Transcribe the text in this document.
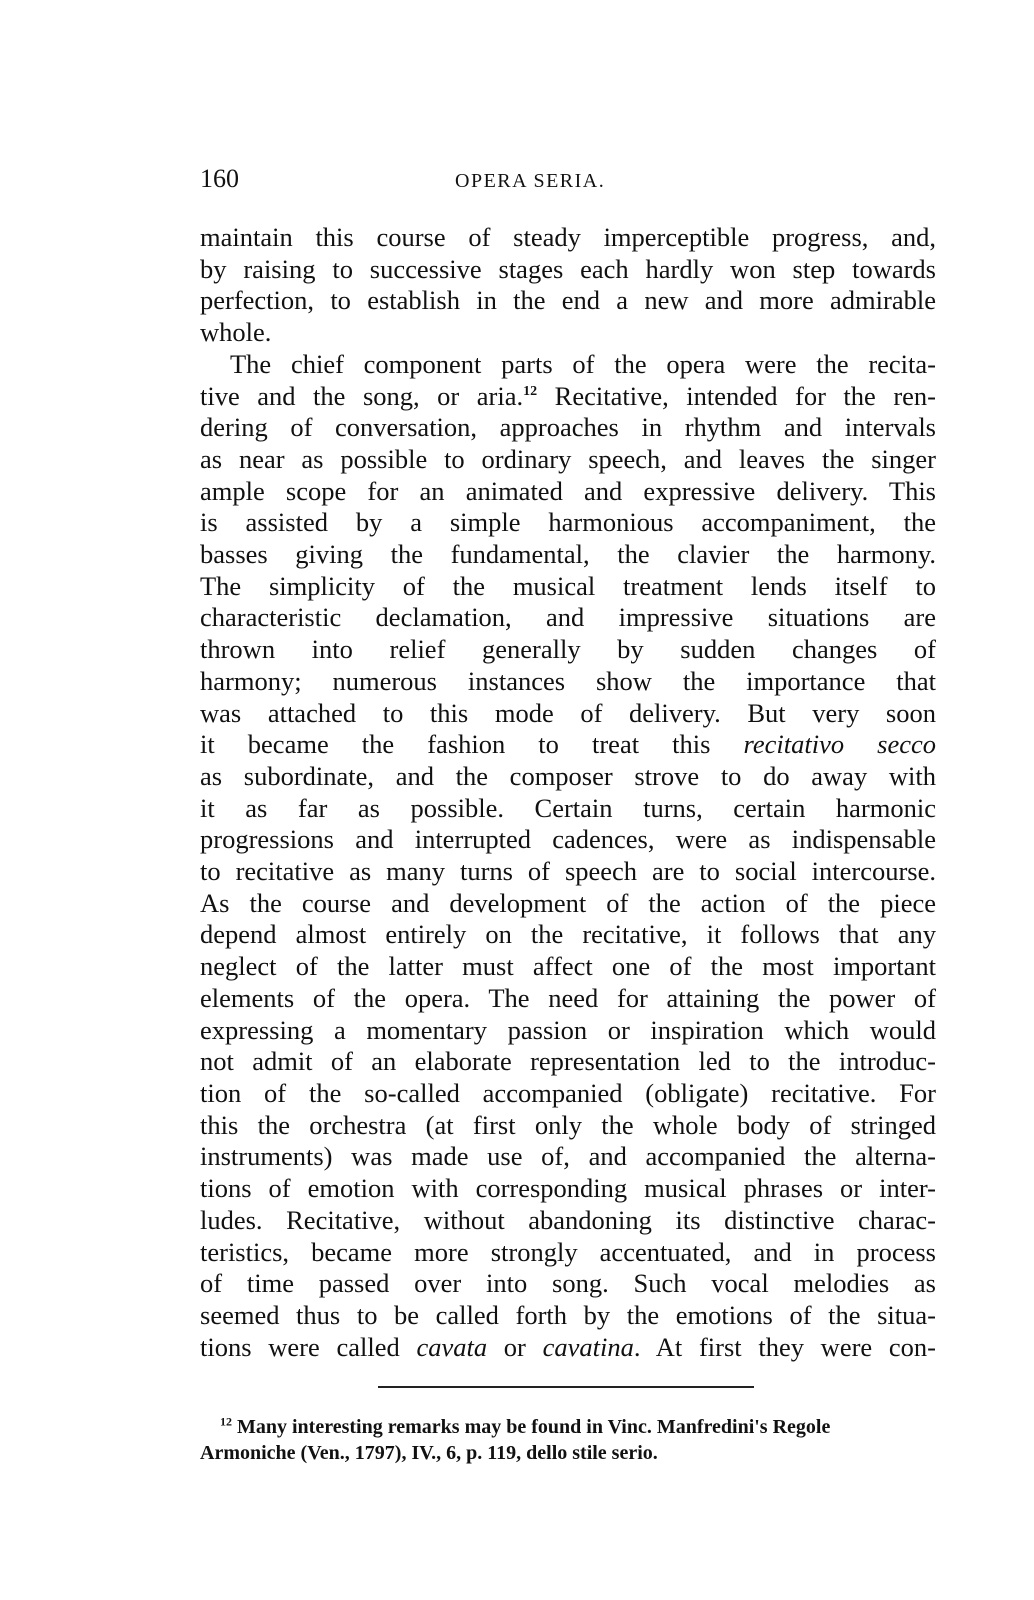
160	OPERA SERIA.
maintain this course of steady imperceptible progress, and,
by raising to successive stages each hardly won step towards
perfection, to establish in the end a new and more admirable
whole.
The chief component parts of the opera were the recita-
tive and the song, or aria.$^{12}$ Recitative, intended for the ren-
dering of conversation, approaches in rhythm and intervals
as near as possible to ordinary speech, and leaves the singer
ample scope for an animated and expressive delivery. This
is assisted by a simple harmonious accompaniment, the
basses giving the fundamental, the clavier the harmony.
The simplicity of the musical treatment lends itself to
characteristic declamation, and impressive situations are
thrown into relief generally by sudden changes of
harmony; numerous instances show the importance that
was attached to this mode of delivery. But very soon
it became the fashion to treat this recitativo secco
as subordinate, and the composer strove to do away with
it as far as possible. Certain turns, certain harmonic
progressions and interrupted cadences, were as indispensable
to recitative as many turns of speech are to social intercourse.
As the course and development of the action of the piece
depend almost entirely on the recitative, it follows that any
neglect of the latter must affect one of the most important
elements of the opera. The need for attaining the power of
expressing a momentary passion or inspiration which would
not admit of an elaborate representation led to the introduc-
tion of the so-called accompanied (obligate) recitative. For
this the orchestra (at first only the whole body of stringed
instruments) was made use of, and accompanied the alterna-
tions of emotion with corresponding musical phrases or inter-
ludes. Recitative, without abandoning its distinctive charac-
teristics, became more strongly accentuated, and in process
of time passed over into song. Such vocal melodies as
seemed thus to be called forth by the emotions of the situa-
tions were called cavata or cavatina. At first they were con-
$^{12}$ Many interesting remarks may be found in Vinc. Manfredini's Regole
Armoniche (Ven., 1797), IV., 6, p. 119, dello stile serio.
